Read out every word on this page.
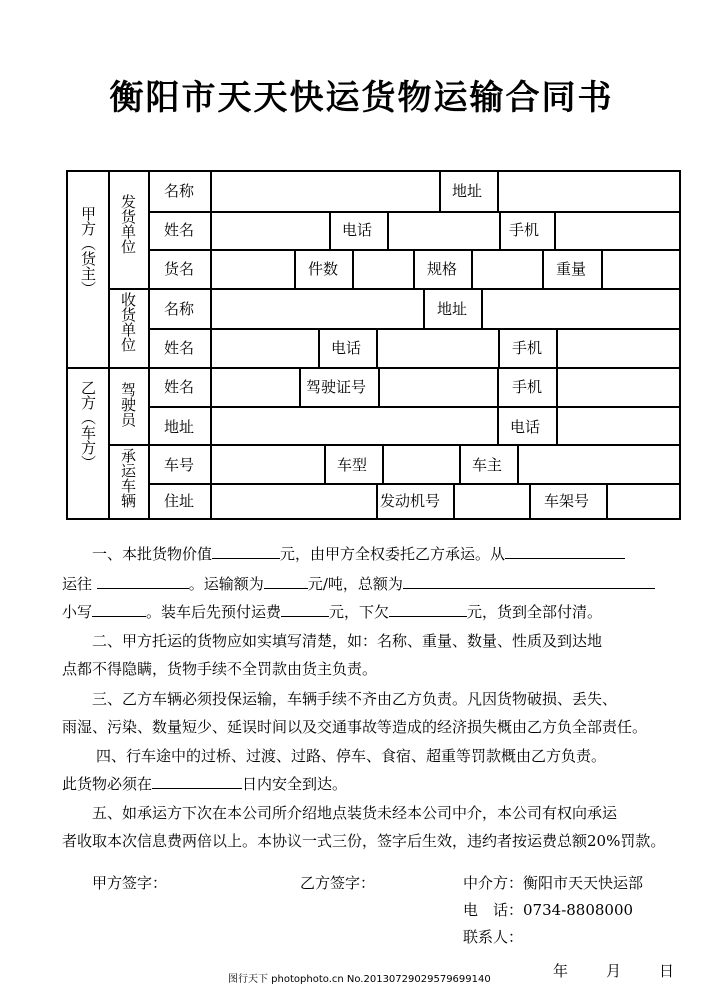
衡阳市天天快运货物运输合同书
甲方（货主） 发货单位
收货单位
乙方（车方） 驾驶员
承运车辆
名称	地址
姓名	电话	手机
货名	件数	规格	重量
名称	地址
姓名	电话	手机
姓名	驾驶证号	手机
地址	电话
车号	车型	车主
住址	发动机号	车架号
一、本批货物价值	元，由甲方全权委托乙方承运。从
运往	。运输额为	元/吨，总额为
小写	。装车后先预付运费	元，下欠	元，货到全部付清。
二、甲方托运的货物应如实填写清楚，如：名称、重量、数量、性质及到达地
点都不得隐瞒，货物手续不全罚款由货主负责。
三、乙方车辆必须投保运输，车辆手续不齐由乙方负责。凡因货物破损、丢失、
雨湿、污染、数量短少、延误时间以及交通事故等造成的经济损失概由乙方负全部责任。
四、行车途中的过桥、过渡、过路、停车、食宿、超重等罚款概由乙方负责。
此货物必须在	日内安全到达。
五、如承运方下次在本公司所介绍地点装货未经本公司中介，本公司有权向承运
者收取本次信息费两倍以上。本协议一式三份，签字后生效，违约者按运费总额20%罚款。
甲方签字：	乙方签字：	中介方：衡阳市天天快运部
电　话：0734-8808000
联系人：
年	月	日
图行天下 photophoto.cn No.20130729029579699140
